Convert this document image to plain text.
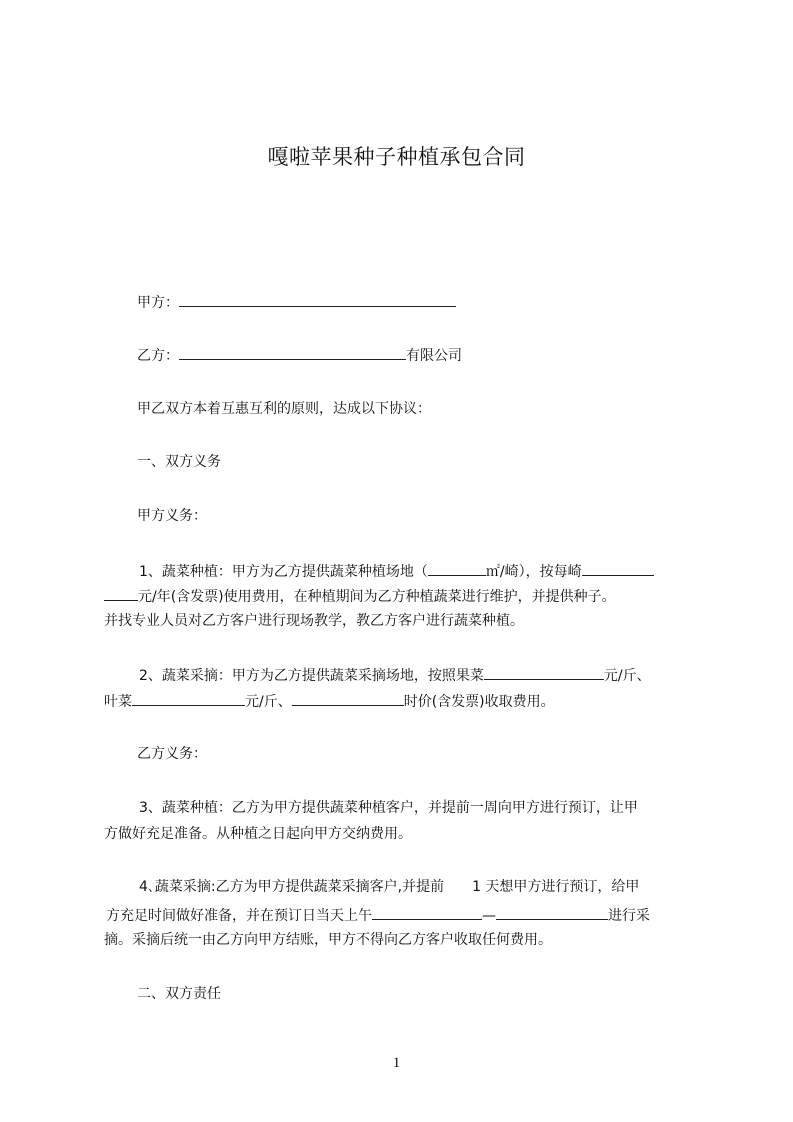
嘎啦苹果种子种植承包合同
甲方：
乙方：	有限公司
甲乙双方本着互惠互利的原则，达成以下协议：
一、双方义务
甲方义务：
1、蔬菜种植：甲方为乙方提供蔬菜种植场地（	㎡/崎），按每崎
元/年(含发票)使用费用，在种植期间为乙方种植蔬菜进行维护，并提供种子。
并找专业人员对乙方客户进行现场教学，教乙方客户进行蔬菜种植。
2、蔬菜采摘：甲方为乙方提供蔬菜采摘场地，按照果菜	元/斤、
叶菜	元/斤、	时价(含发票)收取费用。
乙方义务：
3、蔬菜种植：乙方为甲方提供蔬菜种植客户，并提前一周向甲方进行预订，让甲
方做好充足准备。从种植之日起向甲方交纳费用。
4､蔬菜采摘:乙方为甲方提供蔬菜采摘客户,并提前　　1 天想甲方进行预订，给甲
方充足时间做好准备，并在预订日当天上午	—	进行采
摘。采摘后统一由乙方向甲方结账，甲方不得向乙方客户收取任何费用。
二、双方责任
1
